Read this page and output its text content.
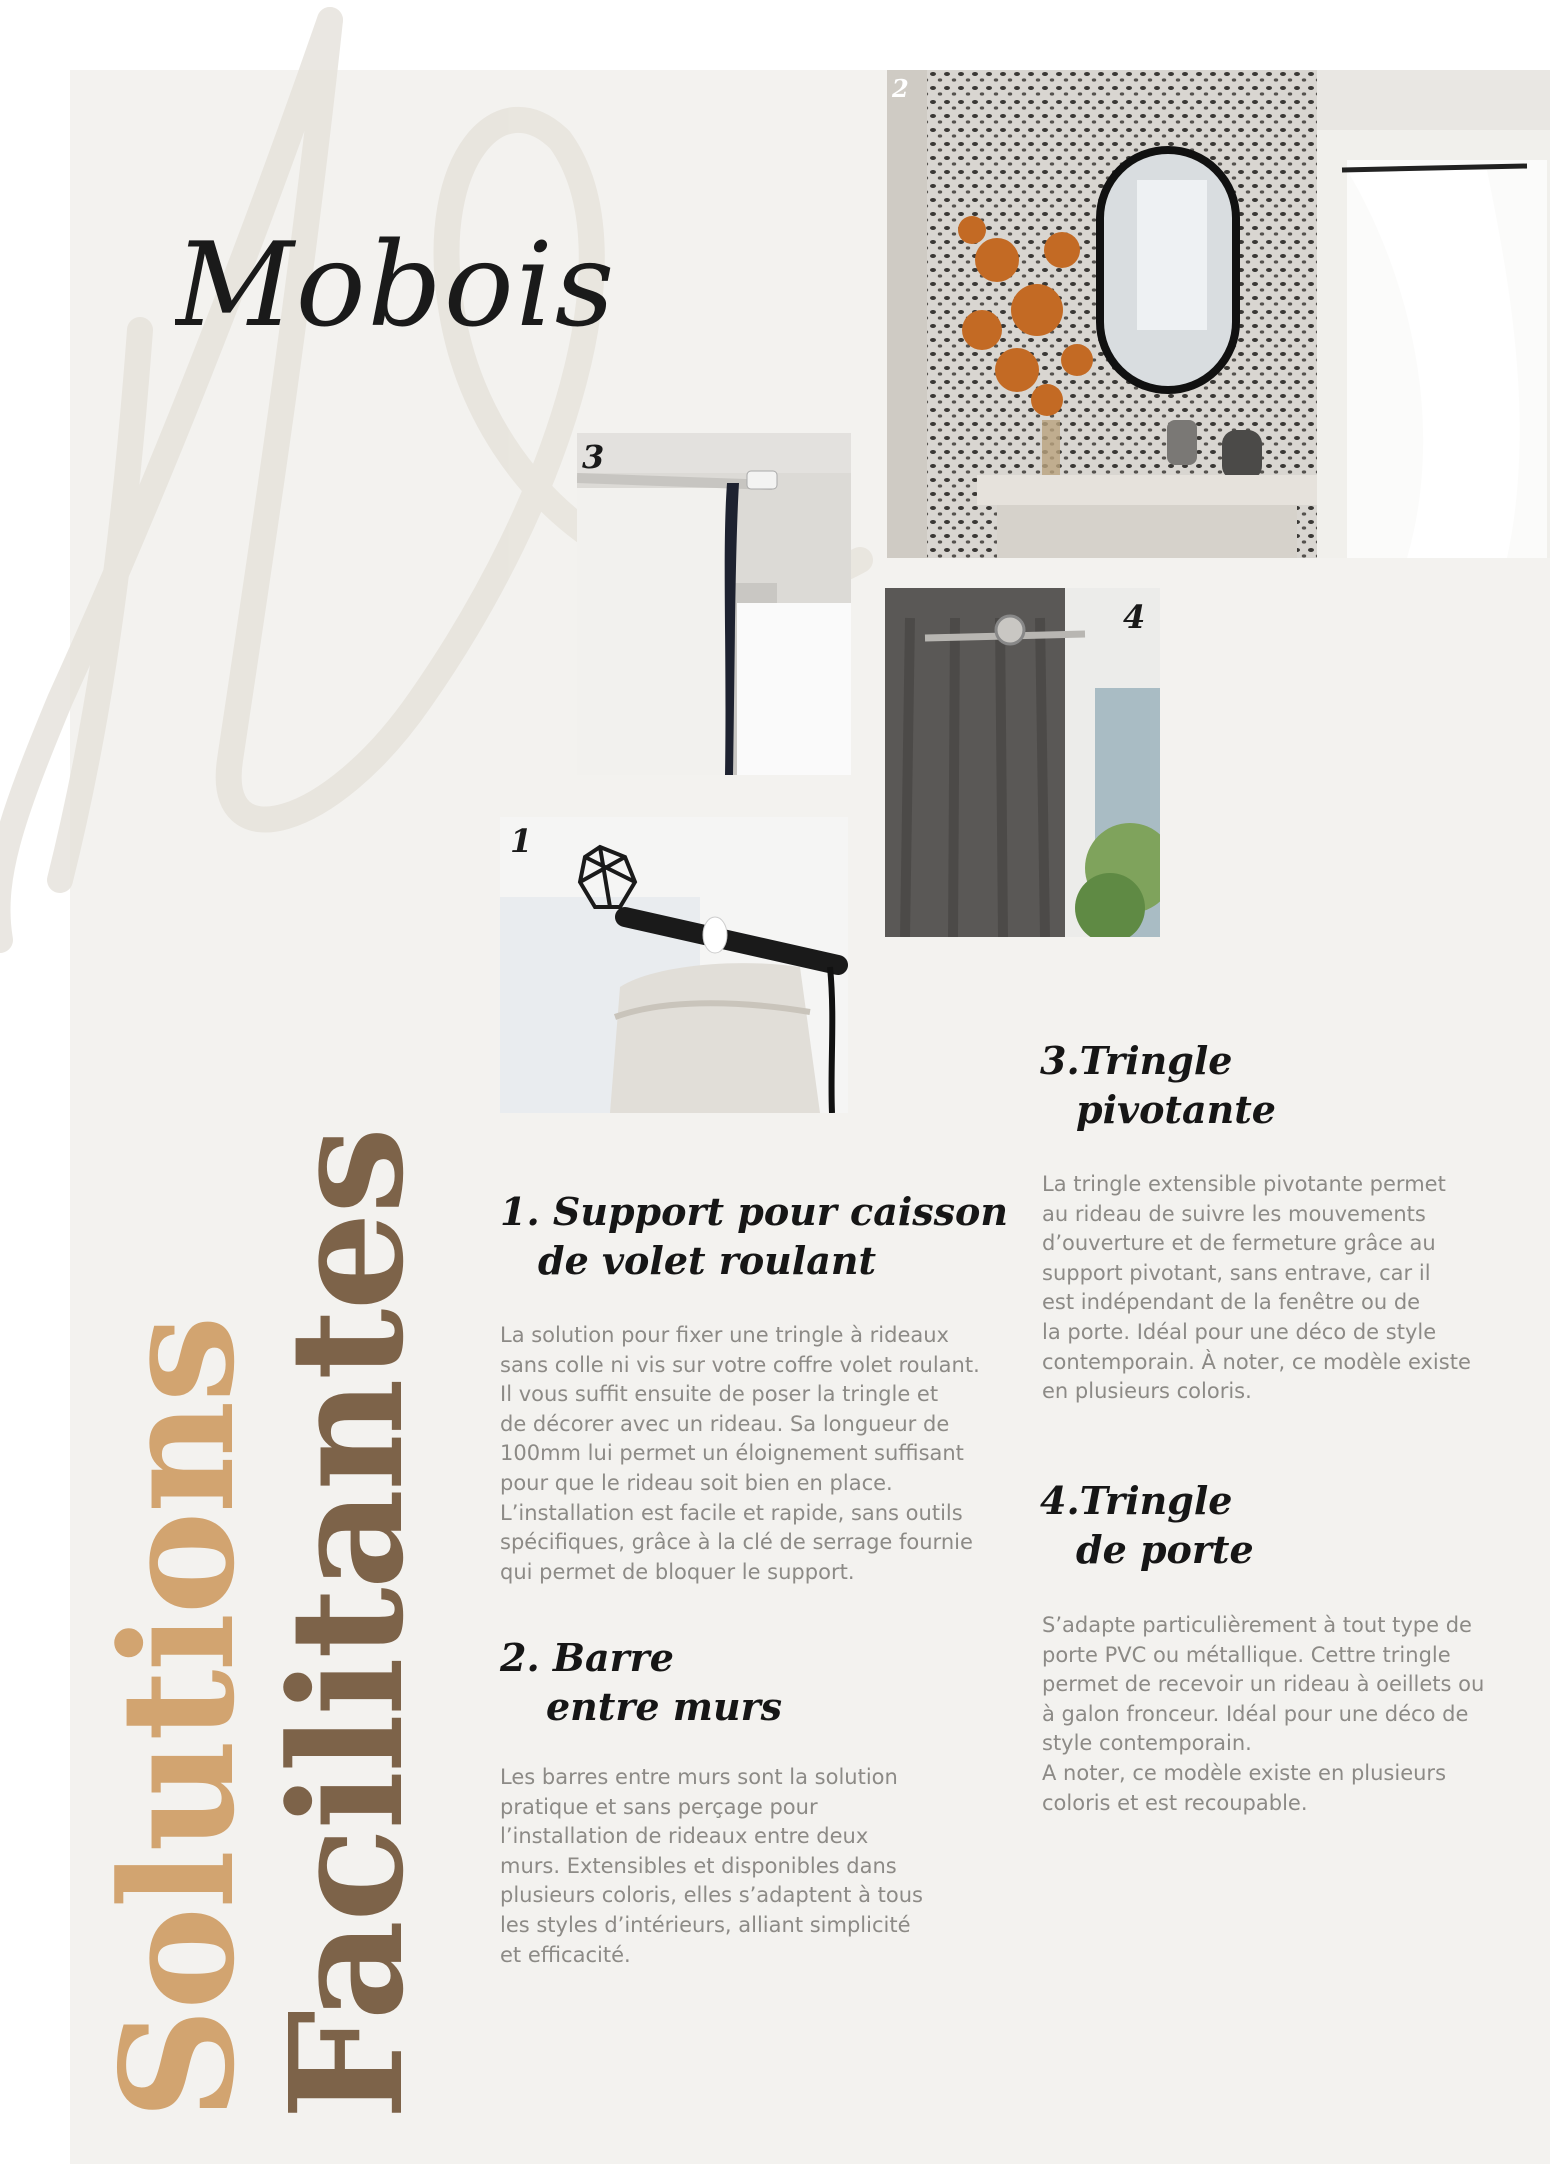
Mobois
2
3
4
1
Solutions
Facilitantes 1. Support pour caisson
de volet roulant
La solution pour fixer une tringle à rideaux
sans colle ni vis sur votre coffre volet roulant.
Il vous suffit ensuite de poser la tringle et
de décorer avec un rideau. Sa longueur de
100mm lui permet un éloignement suffisant
pour que le rideau soit bien en place.
L’installation est facile et rapide, sans outils
spécifiques, grâce à la clé de serrage fournie
qui permet de bloquer le support.
2. Barre
entre murs
Les barres entre murs sont la solution
pratique et sans perçage pour
l’installation de rideaux entre deux
murs. Extensibles et disponibles dans
plusieurs coloris, elles s’adaptent à tous
les styles d’intérieurs, alliant simplicité
et efficacité.
3.Tringle
pivotante
La tringle extensible pivotante permet
au rideau de suivre les mouvements
d’ouverture et de fermeture grâce au
support pivotant, sans entrave, car il
est indépendant de la fenêtre ou de
la porte. Idéal pour une déco de style
contemporain. À noter, ce modèle existe
en plusieurs coloris.
4.Tringle
de porte
S’adapte particulièrement à tout type de
porte PVC ou métallique. Cettre tringle
permet de recevoir un rideau à oeillets ou
à galon fronceur. Idéal pour une déco de
style contemporain.
A noter, ce modèle existe en plusieurs
coloris et est recoupable.
